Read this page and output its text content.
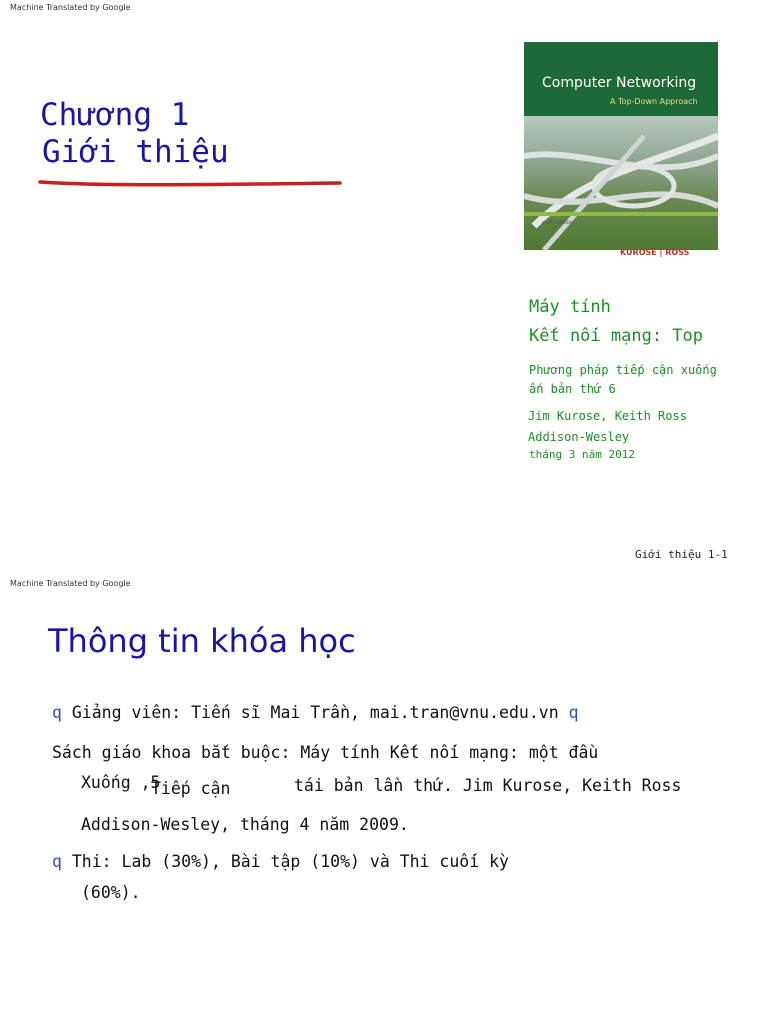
Machine Translated by Google
Chương 1
Giới thiệu
Computer Networking
A Top-Down Approach
sixth edition
KUROSE | ROSS
Máy tính
Kết nối mạng: Top
Phương pháp tiếp cận xuống
ấn bản thứ 6
Jim Kurose, Keith Ross
Addison-Wesley
tháng 3 năm 2012
Giới thiệu 1-1
Machine Translated by Google
Thông tin khóa học
q Giảng viên: Tiến sĩ Mai Trần, mai.tran@vnu.edu.vn q
Sách giáo khoa bắt buộc: Máy tính Kết nối mạng: một đầu
Xuống ,5
Tiếp cận	tái bản lần thứ. Jim Kurose, Keith Ross
Addison-Wesley, tháng 4 năm 2009.
q Thi: Lab (30%), Bài tập (10%) và Thi cuối kỳ
(60%).
